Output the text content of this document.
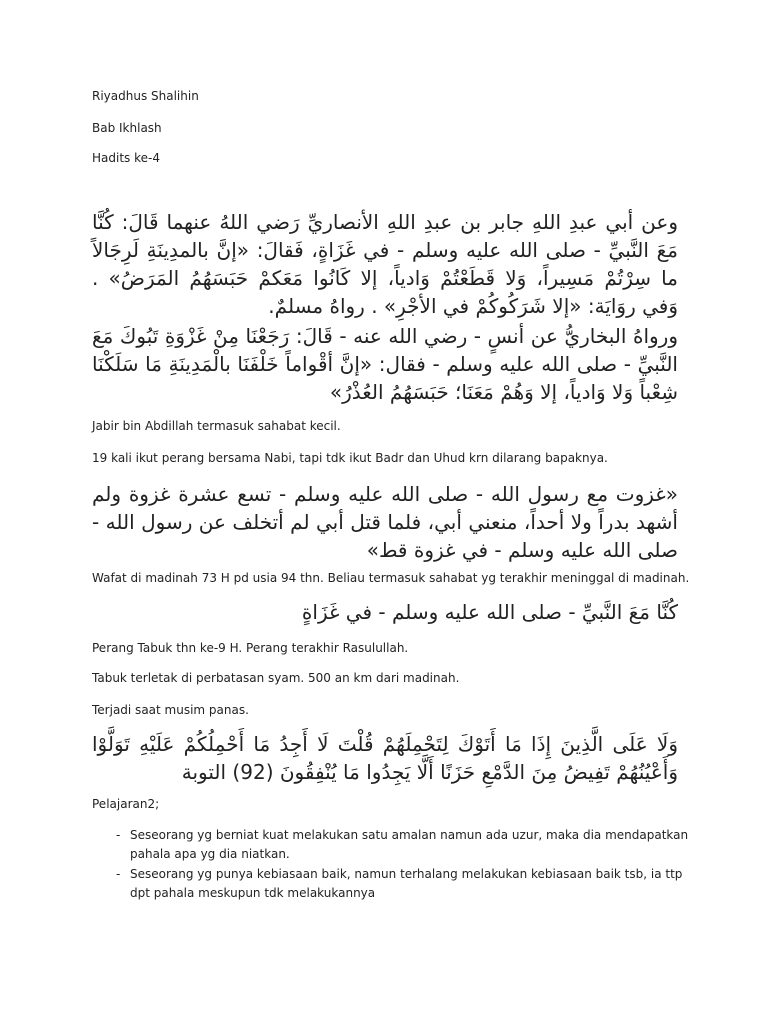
Riyadhus Shalihin
Bab Ikhlash
Hadits ke-4
وعن أبي عبدِ اللهِ جابر بن عبدِ اللهِ الأنصاريِّ رَضي اللهُ عنهما قَالَ: كُنَّا مَعَ النَّبيِّ - صلى الله عليه وسلم - في غَزَاةٍ، فَقالَ: «إنَّ بالمدِينَةِ لَرِجَالاً ما سِرْتُمْ مَسِيراً، وَلا قَطَعْتُمْ وَادياً، إلا كَانُوا مَعَكمْ حَبَسَهُمُ المَرَضُ» . وَفي روَايَة: «إلا شَرَكُوكُمْ في الأجْرِ» . رواهُ مسلمٌ.
ورواهُ البخاريُّ عن أنسٍ - رضي الله عنه - قَالَ: رَجَعْنَا مِنْ غَزْوَةِ تَبُوكَ مَعَ النَّبيِّ - صلى الله عليه وسلم - فقال: «إنَّ أقْواماً خَلْفَنَا بالْمَدِينَةِ مَا سَلَكْنَا شِعْباً وَلا وَادياً، إلا وَهُمْ مَعَنَا؛ حَبَسَهُمُ العُذْرُ»
Jabir bin Abdillah termasuk sahabat kecil.
19 kali ikut perang bersama Nabi, tapi tdk ikut Badr dan Uhud krn dilarang bapaknya.
«غزوت مع رسول الله - صلى الله عليه وسلم - تسع عشرة غزوة ولم أشهد بدراً ولا أحداً، منعني أبي، فلما قتل أبي لم أتخلف عن رسول الله - صلى الله عليه وسلم - في غزوة قط»
Wafat di madinah 73 H pd usia 94 thn. Beliau termasuk sahabat yg terakhir meninggal di madinah.
كُنَّا مَعَ النَّبيِّ - صلى الله عليه وسلم - في غَزَاةٍ
Perang Tabuk thn ke-9 H. Perang terakhir Rasulullah.
Tabuk terletak di perbatasan syam. 500 an km dari madinah.
Terjadi saat musim panas.
وَلَا عَلَى الَّذِينَ إِذَا مَا أَتَوْكَ لِتَحْمِلَهُمْ قُلْتَ لَا أَجِدُ مَا أَحْمِلُكُمْ عَلَيْهِ تَوَلَّوْا وَأَعْيُنُهُمْ تَفِيضُ مِنَ الدَّمْعِ حَزَنًا أَلَّا يَجِدُوا مَا يُنْفِقُونَ (92) التوبة
Pelajaran2;
- Seseorang yg berniat kuat melakukan satu amalan namun ada uzur, maka dia mendapatkan pahala apa yg dia niatkan.
- Seseorang yg punya kebiasaan baik, namun terhalang melakukan kebiasaan baik tsb, ia ttp dpt pahala meskupun tdk melakukannya
